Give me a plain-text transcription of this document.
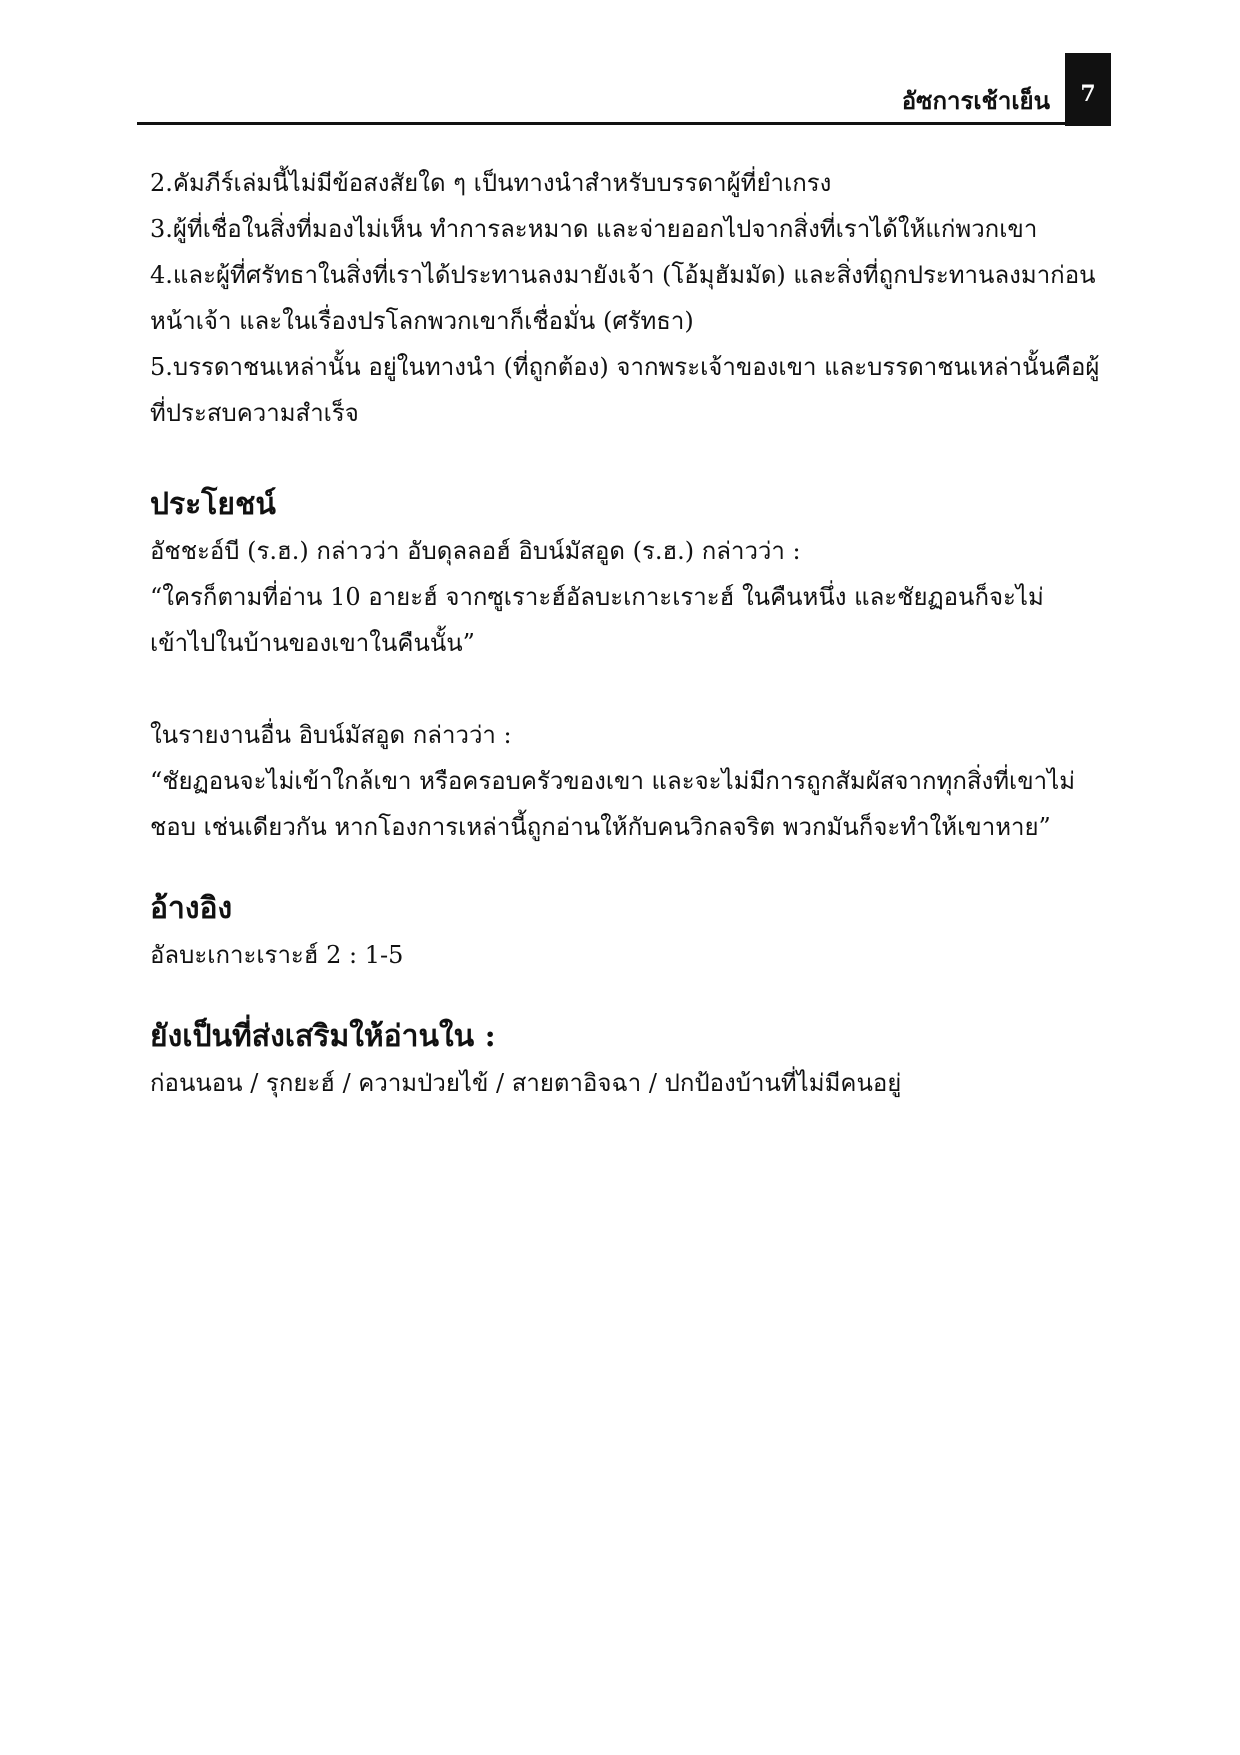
อัซการเช้าเย็น	7

2.คัมภีร์เล่มนี้ไม่มีข้อสงสัยใด ๆ เป็นทางนำสำหรับบรรดาผู้ที่ยำเกรง

3.ผู้ที่เชื่อในสิ่งที่มองไม่เห็น ทำการละหมาด และจ่ายออกไปจากสิ่งที่เราได้ให้แก่พวกเขา

4.และผู้ที่ศรัทธาในสิ่งที่เราได้ประทานลงมายังเจ้า (โอ้มุฮัมมัด) และสิ่งที่ถูกประทานลงมาก่อนหน้าเจ้า และในเรื่องปรโลกพวกเขาก็เชื่อมั่น (ศรัทธา)

5.บรรดาชนเหล่านั้น อยู่ในทางนำ (ที่ถูกต้อง) จากพระเจ้าของเขา และบรรดาชนเหล่านั้นคือผู้ที่ประสบความสำเร็จ

ประโยชน์

อัชชะอ์บี (ร.ฮ.) กล่าวว่า อับดุลลอฮ์ อิบน์มัสอูด (ร.ฮ.) กล่าวว่า :

“ใครก็ตามที่อ่าน 10 อายะฮ์ จากซูเราะฮ์อัลบะเกาะเราะฮ์ ในคืนหนึ่ง และชัยฏอนก็จะไม่เข้าไปในบ้านของเขาในคืนนั้น”

ในรายงานอื่น อิบน์มัสอูด กล่าวว่า :

“ชัยฏอนจะไม่เข้าใกล้เขา หรือครอบครัวของเขา และจะไม่มีการถูกสัมผัสจากทุกสิ่งที่เขาไม่ชอบ เช่นเดียวกัน หากโองการเหล่านี้ถูกอ่านให้กับคนวิกลจริต พวกมันก็จะทำให้เขาหาย”

อ้างอิง

อัลบะเกาะเราะฮ์ 2 : 1-5

ยังเป็นที่ส่งเสริมให้อ่านใน :

ก่อนนอน / รุกยะฮ์ / ความป่วยไข้ / สายตาอิจฉา / ปกป้องบ้านที่ไม่มีคนอยู่
